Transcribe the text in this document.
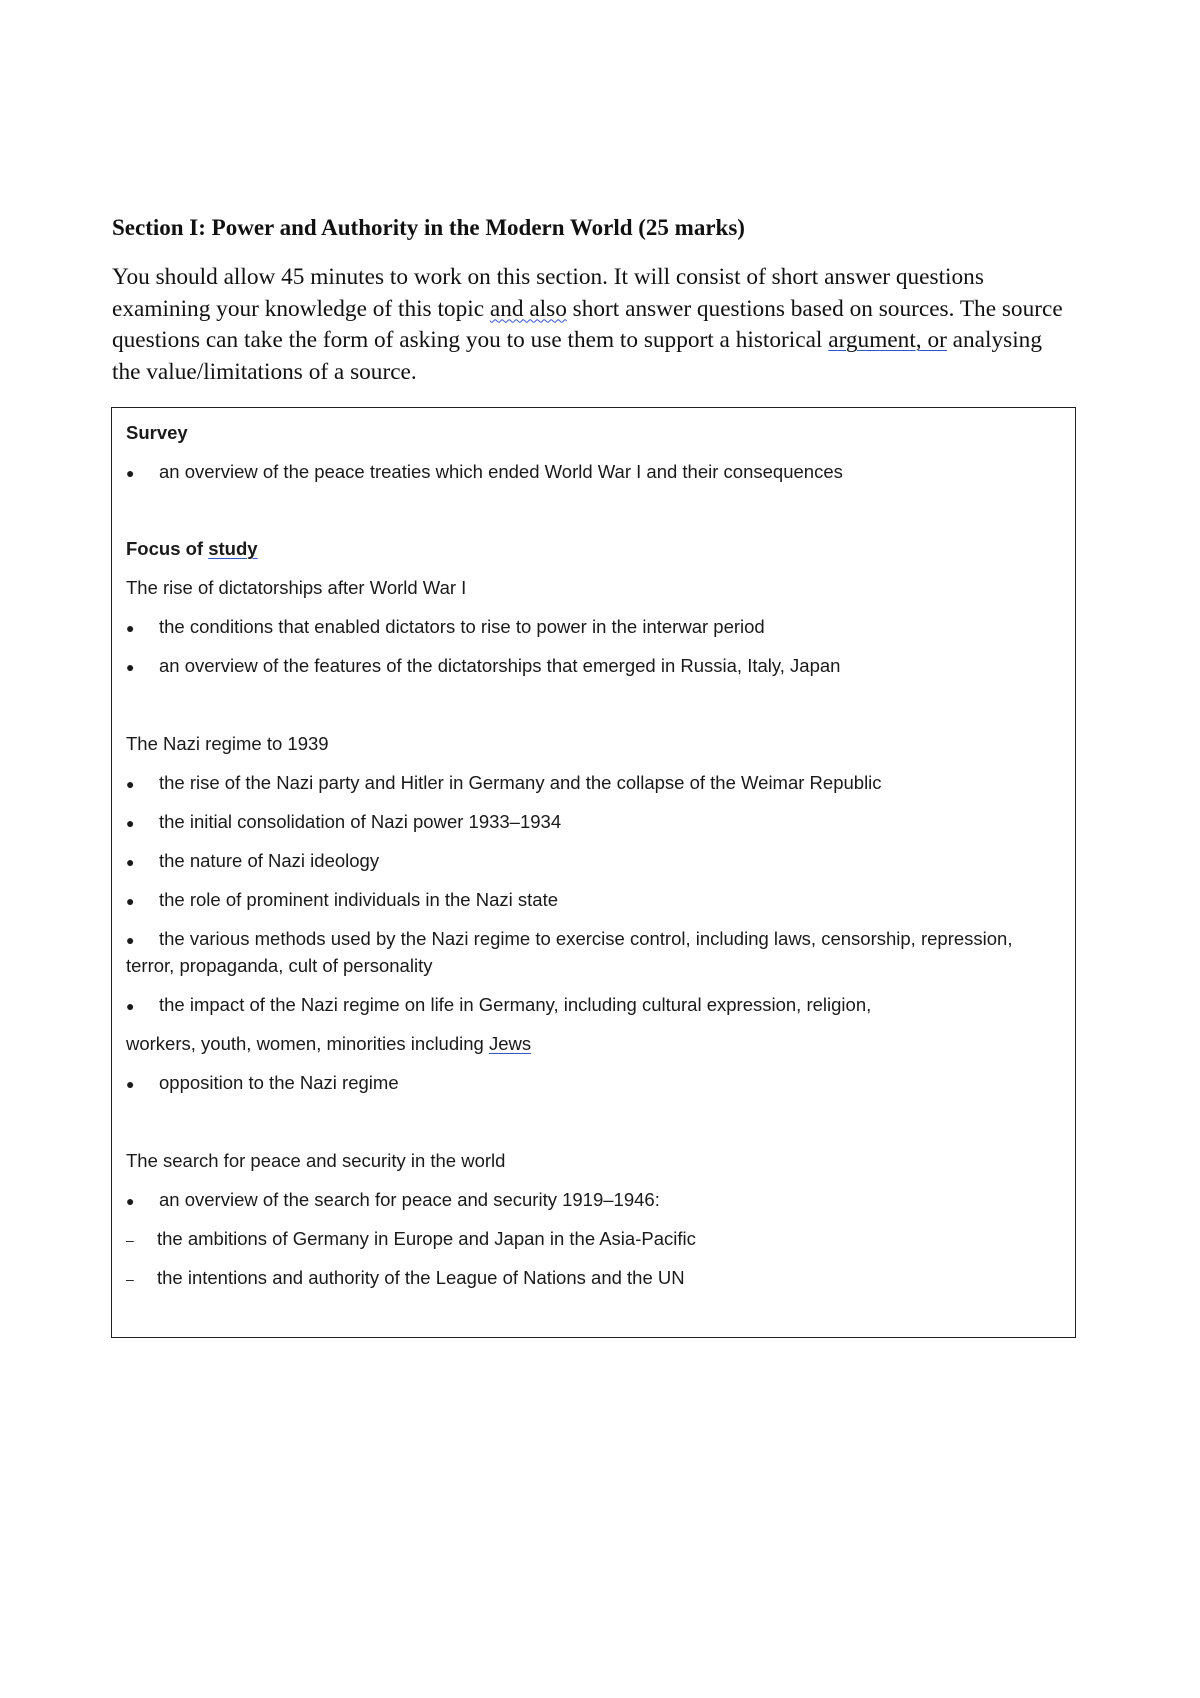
Section I: Power and Authority in the Modern World (25 marks)
You should allow 45 minutes to work on this section. It will consist of short answer questions
examining your knowledge of this topic and also short answer questions based on sources. The source
questions can take the form of asking you to use them to support a historical argument, or analysing
the value/limitations of a source.
Survey
● an overview of the peace treaties which ended World War I and their consequences
Focus of study
The rise of dictatorships after World War I
● the conditions that enabled dictators to rise to power in the interwar period
● an overview of the features of the dictatorships that emerged in Russia, Italy, Japan
The Nazi regime to 1939
● the rise of the Nazi party and Hitler in Germany and the collapse of the Weimar Republic
● the initial consolidation of Nazi power 1933–1934
● the nature of Nazi ideology
● the role of prominent individuals in the Nazi state
● the various methods used by the Nazi regime to exercise control, including laws, censorship, repression,
terror, propaganda, cult of personality
● the impact of the Nazi regime on life in Germany, including cultural expression, religion,
workers, youth, women, minorities including Jews
● opposition to the Nazi regime
The search for peace and security in the world
● an overview of the search for peace and security 1919–1946:
– the ambitions of Germany in Europe and Japan in the Asia-Pacific
– the intentions and authority of the League of Nations and the UN
